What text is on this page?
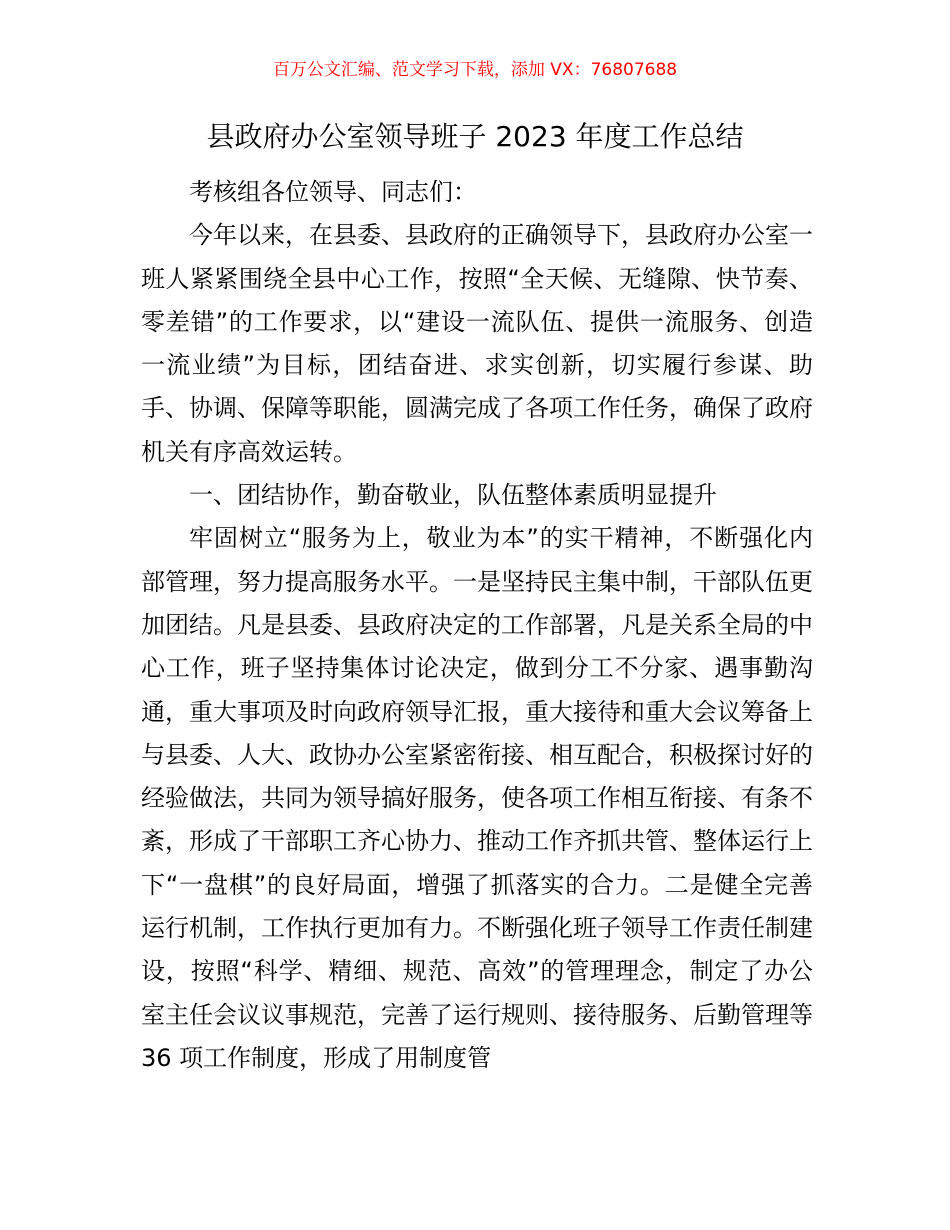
百万公文汇编、范文学习下载，添加 VX：76807688
县政府办公室领导班子 2023 年度工作总结

考核组各位领导、同志们：

今年以来，在县委、县政府的正确领导下，县政府办公室一班人紧紧围绕全县中心工作，按照“全天候、无缝隙、快节奏、零差错”的工作要求，以“建设一流队伍、提供一流服务、创造一流业绩”为目标，团结奋进、求实创新，切实履行参谋、助手、协调、保障等职能，圆满完成了各项工作任务，确保了政府机关有序高效运转。

一、团结协作，勤奋敬业，队伍整体素质明显提升

牢固树立“服务为上，敬业为本”的实干精神，不断强化内部管理，努力提高服务水平。一是坚持民主集中制，干部队伍更加团结。凡是县委、县政府决定的工作部署，凡是关系全局的中心工作，班子坚持集体讨论决定，做到分工不分家、遇事勤沟通，重大事项及时向政府领导汇报，重大接待和重大会议筹备上与县委、人大、政协办公室紧密衔接、相互配合，积极探讨好的经验做法，共同为领导搞好服务，使各项工作相互衔接、有条不紊，形成了干部职工齐心协力、推动工作齐抓共管、整体运行上下“一盘棋”的良好局面，增强了抓落实的合力。二是健全完善运行机制，工作执行更加有力。不断强化班子领导工作责任制建设，按照“科学、精细、规范、高效”的管理理念，制定了办公室主任会议议事规范，完善了运行规则、接待服务、后勤管理等 36 项工作制度，形成了用制度管
